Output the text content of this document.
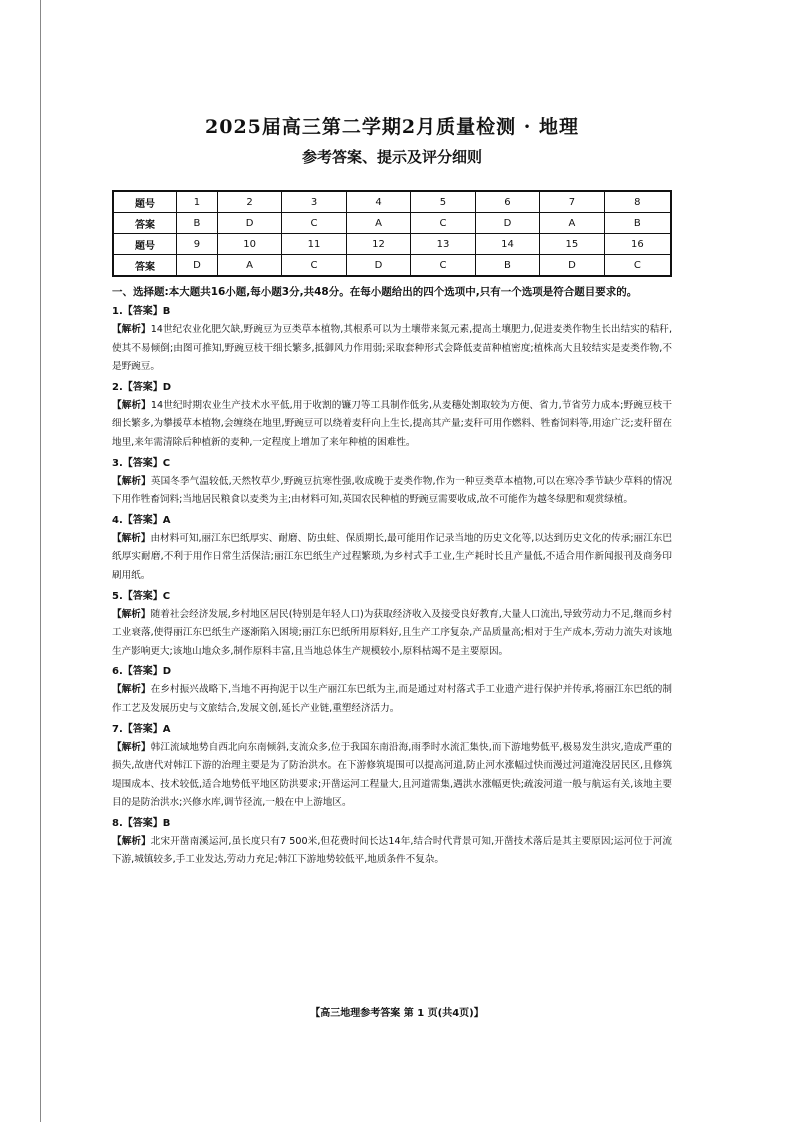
2025届高三第二学期2月质量检测 · 地理
参考答案、提示及评分细则
题号	1	2	3	4	5	6	7	8
答案	B	D	C	A	C	D	A	B
题号	9	10	11	12	13	14	15	16
答案	D	A	C	D	C	B	D	C
一、选择题:本大题共16小题,每小题3分,共48分。在每小题给出的四个选项中,只有一个选项是符合题目要求的。
1.【答案】B
【解析】14世纪农业化肥欠缺,野豌豆为豆类草本植物,其根系可以为土壤带来氮元素,提高土壤肥力,促进麦类作物生长出结实的秸秆,使其不易倾倒;由图可推知,野豌豆枝干细长繁多,抵御风力作用弱;采取套种形式会降低麦苗种植密度;植株高大且较结实是麦类作物,不是野豌豆。
2.【答案】D
【解析】14世纪时期农业生产技术水平低,用于收割的镰刀等工具制作低劣,从麦穗处割取较为方便、省力,节省劳力成本;野豌豆枝干细长繁多,为攀援草本植物,会缠绕在地里,野豌豆可以绕着麦秆向上生长,提高其产量;麦秆可用作燃料、牲畜饲料等,用途广泛;麦秆留在地里,来年需清除后种植新的麦种,一定程度上增加了来年种植的困难性。
3.【答案】C
【解析】英国冬季气温较低,天然牧草少,野豌豆抗寒性强,收成晚于麦类作物,作为一种豆类草本植物,可以在寒冷季节缺少草料的情况下用作牲畜饲料;当地居民粮食以麦类为主;由材料可知,英国农民种植的野豌豆需要收成,故不可能作为越冬绿肥和观赏绿植。
4.【答案】A
【解析】由材料可知,丽江东巴纸厚实、耐磨、防虫蛀、保质期长,最可能用作记录当地的历史文化等,以达到历史文化的传承;丽江东巴纸厚实耐磨,不利于用作日常生活保洁;丽江东巴纸生产过程繁琐,为乡村式手工业,生产耗时长且产量低,不适合用作新闻报刊及商务印刷用纸。
5.【答案】C
【解析】随着社会经济发展,乡村地区居民(特别是年轻人口)为获取经济收入及接受良好教育,大量人口流出,导致劳动力不足,继而乡村工业衰落,使得丽江东巴纸生产逐渐陷入困境;丽江东巴纸所用原料好,且生产工序复杂,产品质量高;相对于生产成本,劳动力流失对该地生产影响更大;该地山地众多,制作原料丰富,且当地总体生产规模较小,原料枯竭不是主要原因。
6.【答案】D
【解析】在乡村振兴战略下,当地不再拘泥于以生产丽江东巴纸为主,而是通过对村落式手工业遗产进行保护并传承,将丽江东巴纸的制作工艺及发展历史与文旅结合,发展文创,延长产业链,重塑经济活力。
7.【答案】A
【解析】韩江流域地势自西北向东南倾斜,支流众多,位于我国东南沿海,雨季时水流汇集快,而下游地势低平,极易发生洪灾,造成严重的损失,故唐代对韩江下游的治理主要是为了防治洪水。在下游修筑堤围可以提高河道,防止河水涨幅过快而漫过河道淹没居民区,且修筑堤围成本、技术较低,适合地势低平地区防洪要求;开凿运河工程量大,且河道需集,遇洪水涨幅更快;疏浚河道一般与航运有关,该地主要目的是防治洪水;兴修水库,调节径流,一般在中上游地区。
8.【答案】B
【解析】北宋开凿南溪运河,虽长度只有7 500米,但花费时间长达14年,结合时代背景可知,开凿技术落后是其主要原因;运河位于河流下游,城镇较多,手工业发达,劳动力充足;韩江下游地势较低平,地质条件不复杂。
【高三地理参考答案 第 1 页(共4页)】
